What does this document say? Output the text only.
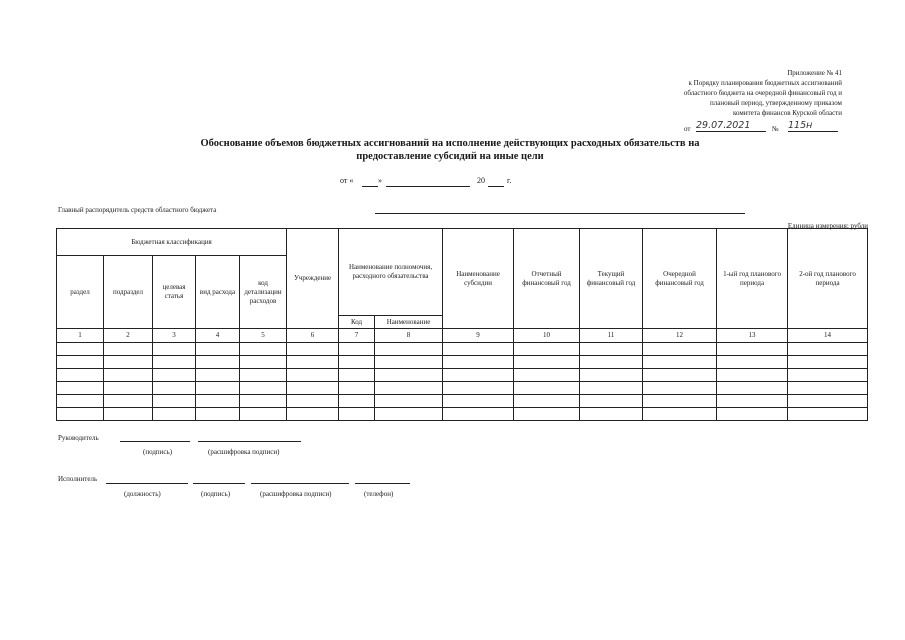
Приложение № 41
к Порядку планирования бюджетных ассигнований
областного бюджета на очередной финансовый год и
плановый период, утвержденному приказом
комитета финансов Курской области
от 29.07.2021	№ 115н
Обоснование объемов бюджетных ассигнований на исполнение действующих расходных обязательств на
предоставление субсидий на иные цели
от «	»	20	г.
Главный распорядитель средств областного бюджета
Единица измерения: рубли
Бюджетная классификация					Учреждение	Наименование полномочия, расходного обязательства		Наименование субсидии	Отчетный финансовый год	Текущий финансовый год	Очередной финансовый год	1-ый год планового периода	2-ой год планового периода
раздел	подраздел	целевая статья	вид расхода	код детализации расходов									
						Код	Наименование						
1	2	3	4	5	6	7	8	9	10	11	12	13	14

Руководитель
(подпись)	(расшифровка подписи)
Исполнитель
(должность)	(подпись)	(расшифровка подписи)	(телефон)
